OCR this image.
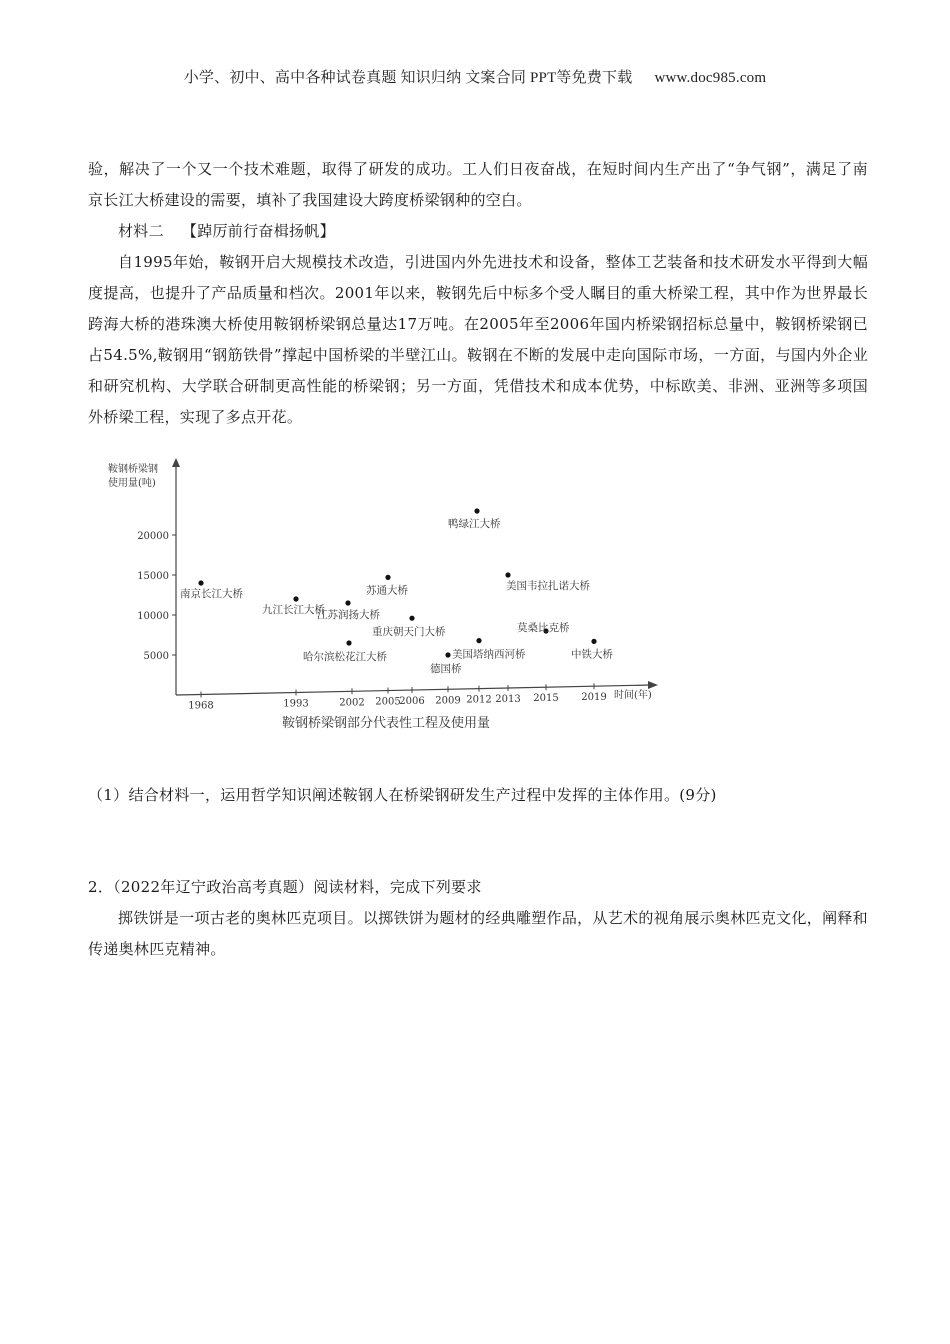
小学、初中、高中各种试卷真题 知识归纳 文案合同 PPT等免费下载 www.doc985.com

验，解决了一个又一个技术难题，取得了研发的成功。工人们日夜奋战，在短时间内生产出了“争气钢”，满足了南京长江大桥建设的需要，填补了我国建设大跨度桥梁钢种的空白。

材料二 【踔厉前行奋楫扬帆】

自1995年始，鞍钢开启大规模技术改造，引进国内外先进技术和设备，整体工艺装备和技术研发水平得到大幅度提高，也提升了产品质量和档次。2001年以来，鞍钢先后中标多个受人瞩目的重大桥梁工程，其中作为世界最长跨海大桥的港珠澳大桥使用鞍钢桥梁钢总量达17万吨。在2005年至2006年国内桥梁钢招标总量中，鞍钢桥梁钢已占54.5%,鞍钢用“钢筋铁骨”撑起中国桥梁的半壁江山。鞍钢在不断的发展中走向国际市场，一方面，与国内外企业和研究机构、大学联合研制更高性能的桥梁钢；另一方面，凭借技术和成本优势，中标欧美、非洲、亚洲等多项国外桥梁工程，实现了多点开花。

鞍钢桥梁钢
使用量(吨)
时间(年)
鞍钢桥梁钢部分代表性工程及使用量
5000
10000
15000
20000
1968	1993	2002 2005
2006 2009 2012 2013 2015 2019
南京长江大桥
九江长江大桥
哈尔滨松花江大桥
江苏润扬大桥
苏通大桥
重庆朝天门大桥
德国桥
美国塔纳西河桥
鸭绿江大桥
美国韦拉扎诺大桥
莫桑比克桥
中铁大桥

（1）结合材料一，运用哲学知识阐述鞍钢人在桥梁钢研发生产过程中发挥的主体作用。(9分)

2．（2022年辽宁政治高考真题）阅读材料，完成下列要求

掷铁饼是一项古老的奥林匹克项目。以掷铁饼为题材的经典雕塑作品，从艺术的视角展示奥林匹克文化，阐释和传递奥林匹克精神。
